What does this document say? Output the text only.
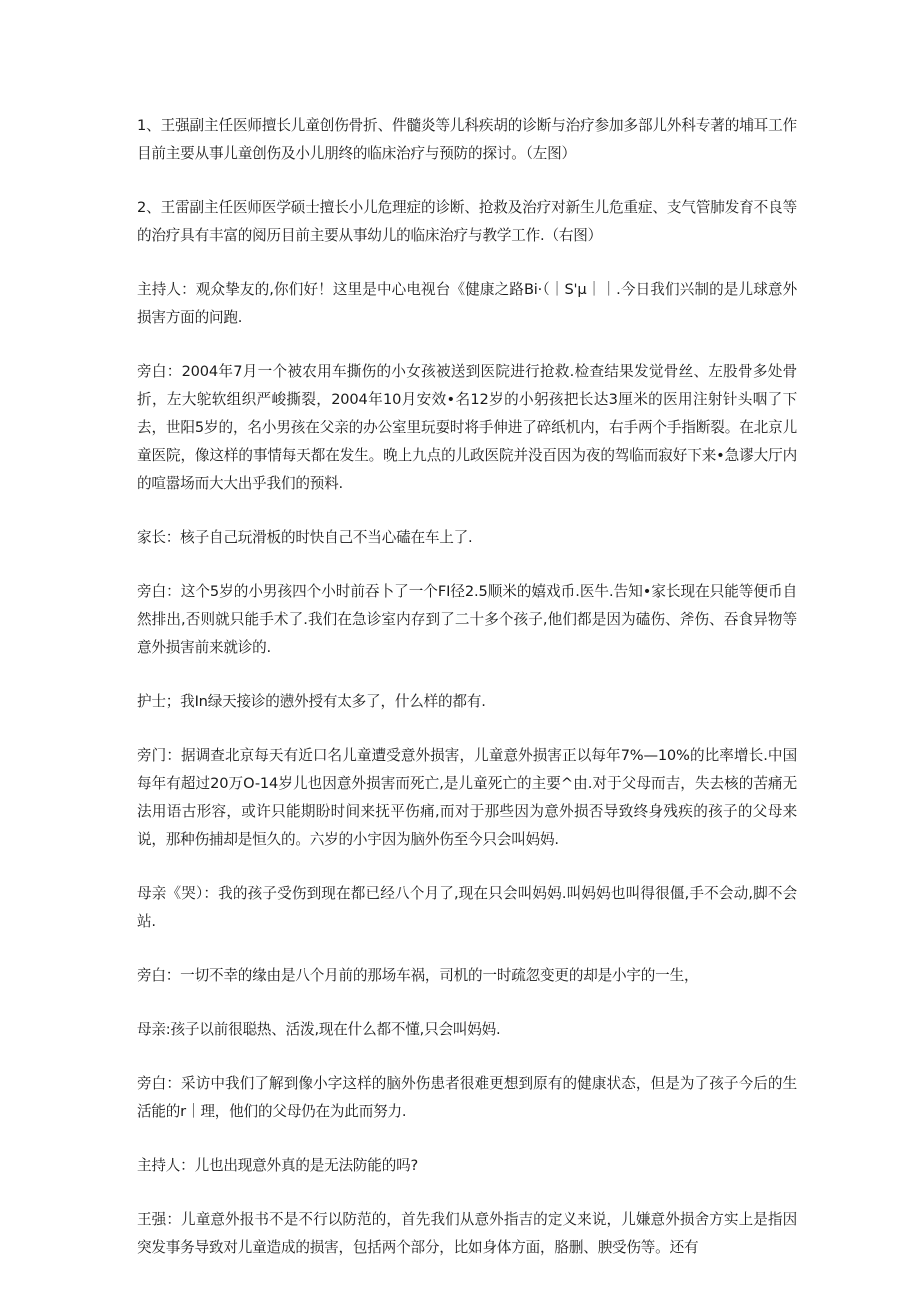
1、王强副主任医师擅长儿童创伤骨折、件髓炎等儿科疾胡的诊断与治疗参加多部儿外科专著的埔耳工作目前主要从事儿童创伤及小儿朋终的临床治疗与预防的探讨。（左图）

2、王雷副主任医师医学硕士擅长小儿危理症的诊断、抢救及治疗对新生儿危重症、支气管肺发育不良等的治疗具有丰富的阅历目前主要从事幼儿的临床治疗与教学工作.（右图）

主持人：观众挚友的,你们好！这里是中心电视台《健康之路Bi·（｜S'μ｜｜.今日我们兴制的是儿球意外损害方面的问跑.

旁白：2004年7月一个被农用车撕伤的小女孩被送到医院进行抢救.检查结果发觉骨丝、左股骨多处骨折，左大鸵软组织严峻撕裂，2004年10月安效•名12岁的小躬孩把长达3厘米的医用注射针头咽了下去，世阳5岁的，名小男孩在父亲的办公室里玩耍时将手伸进了碎纸机内，右手两个手指断裂。在北京儿童医院，像这样的事情每天都在发生。晚上九点的儿政医院并没百因为夜的驾临而寂好下来•急谬大厅内的喧嚣场而大大出乎我们的预料.

家长：核子自己玩滑板的时快自己不当心磕在车上了.

旁白：这个5岁的小男孩四个小时前吞卜了一个FI径2.5顺米的嬉戏币.医牛.告知•家长现在只能等便币自然排出,否则就只能手术了.我们在急诊室内存到了二十多个孩子,他们都是因为磕伤、斧伤、吞食异物等意外损害前来就诊的.

护士；我In绿天接诊的懑外授有太多了，什么样的都有.

旁门：据调查北京每天有近口名儿童遭受意外损害，儿童意外损害正以每年7%—10%的比率增长.中国每年有超过20万O-14岁儿也因意外损害而死亡,是儿童死亡的主要^由.对于父母而吉，失去核的苦痛无法用语古形容，或许只能期盼时间来抚平伤痛,而对于那些因为意外损否导致终身残疾的孩子的父母来说，那种伤捕却是恒久的。六岁的小宇因为脑外伤至今只会叫妈妈.

母亲《哭）：我的孩子受伤到现在都已经八个月了,现在只会叫妈妈.叫妈妈也叫得很僵,手不会动,脚不会站.

旁白：一切不幸的缘由是八个月前的那场车祸，司机的一时疏忽变更的却是小宇的一生，

母亲:孩子以前很聪热、活泼,现在什么都不懂,只会叫妈妈.

旁白：采访中我们了解到像小字这样的脑外伤患者很难更想到原有的健康状态，但是为了孩子今后的生活能的r｜理，他们的父母仍在为此而努力.

主持人：儿也出现意外真的是无法防能的吗?

王强：儿童意外报书不是不行以防范的，首先我们从意外指吉的定义来说，儿嫌意外损舍方实上是指因突发事务导致对儿童造成的损害，包括两个部分，比如身体方面，胳删、腴受伤等。还有
